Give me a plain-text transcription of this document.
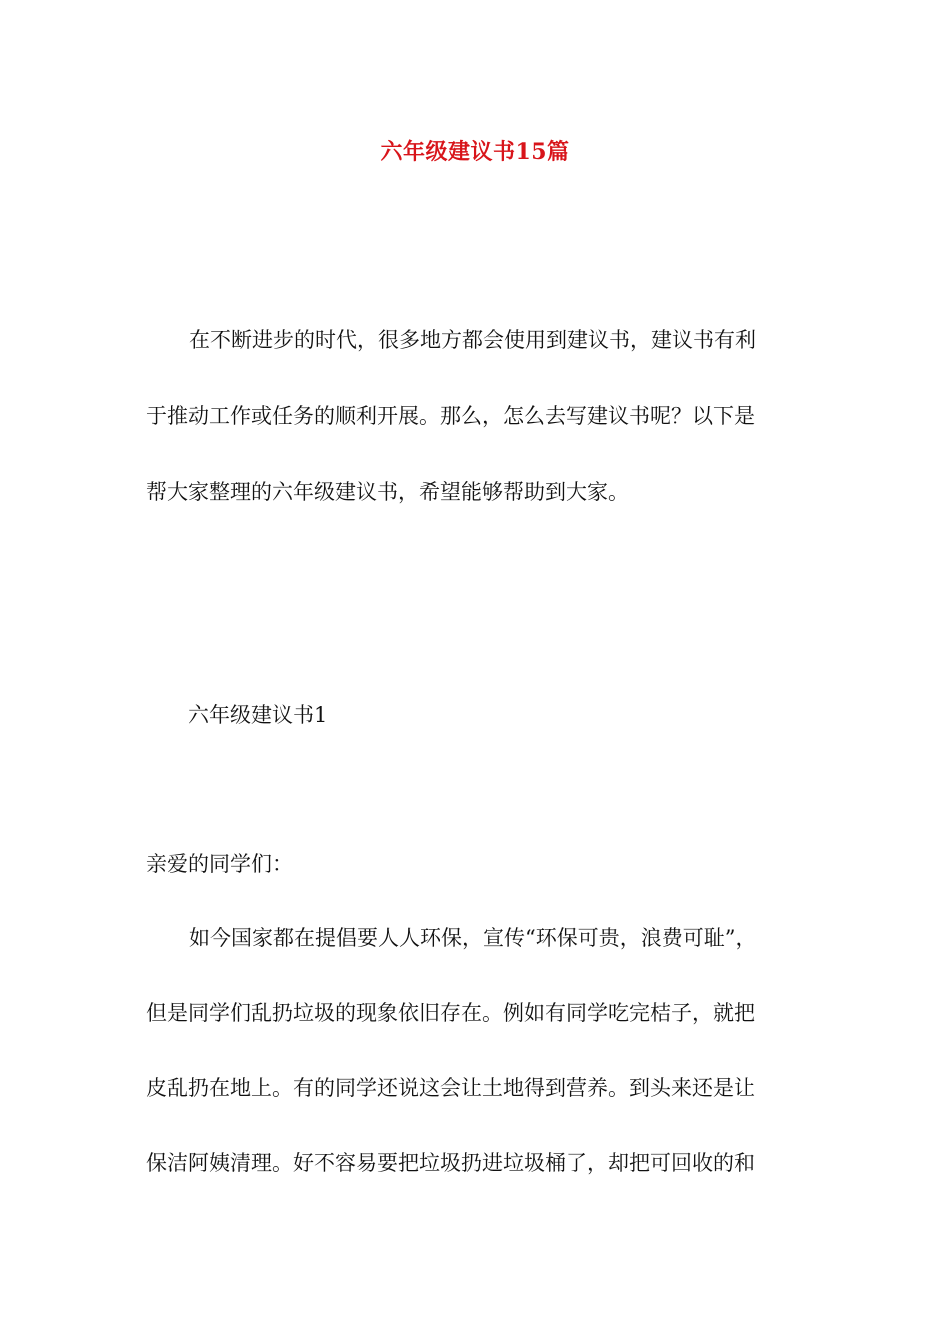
六年级建议书15篇
在不断进步的时代，很多地方都会使用到建议书，建议书有利
于推动工作或任务的顺利开展。那么，怎么去写建议书呢？以下是
帮大家整理的六年级建议书，希望能够帮助到大家。
六年级建议书1
亲爱的同学们：
如今国家都在提倡要人人环保，宣传“环保可贵，浪费可耻”，
但是同学们乱扔垃圾的现象依旧存在。例如有同学吃完桔子，就把
皮乱扔在地上。有的同学还说这会让土地得到营养。到头来还是让
保洁阿姨清理。好不容易要把垃圾扔进垃圾桶了，却把可回收的和
